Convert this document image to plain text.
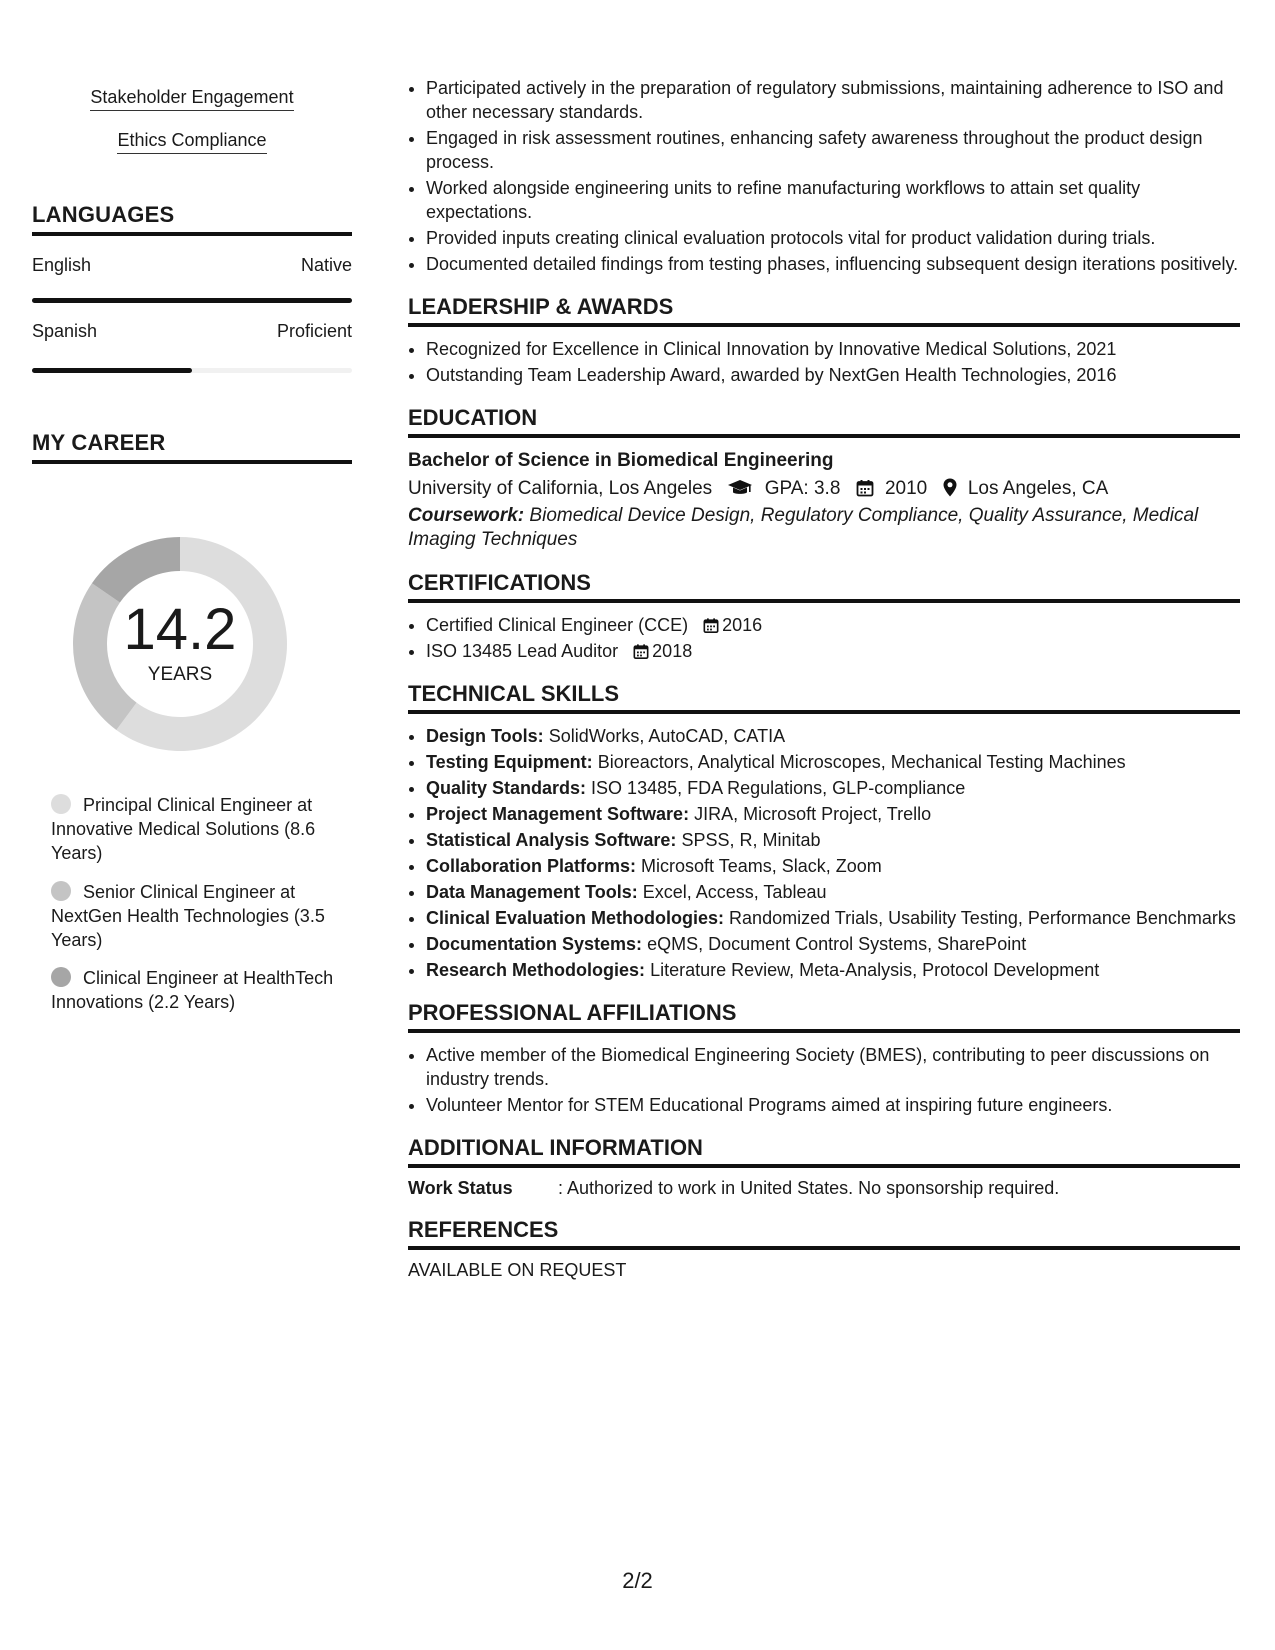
Stakeholder Engagement
Ethics Compliance
LANGUAGES
English	Native
Spanish	Proficient
MY CAREER
14.2
YEARS
Principal Clinical Engineer at Innovative Medical Solutions (8.6 Years)
Senior Clinical Engineer at NextGen Health Technologies (3.5 Years)
Clinical Engineer at HealthTech Innovations (2.2 Years)
• Participated actively in the preparation of regulatory submissions, maintaining adherence to ISO and other necessary standards.
• Engaged in risk assessment routines, enhancing safety awareness throughout the product design process.
• Worked alongside engineering units to refine manufacturing workflows to attain set quality expectations.
• Provided inputs creating clinical evaluation protocols vital for product validation during trials.
• Documented detailed findings from testing phases, influencing subsequent design iterations positively.
LEADERSHIP & AWARDS
• Recognized for Excellence in Clinical Innovation by Innovative Medical Solutions, 2021
• Outstanding Team Leadership Award, awarded by NextGen Health Technologies, 2016
EDUCATION
Bachelor of Science in Biomedical Engineering
University of California, Los Angeles	GPA: 3.8 2010 Los Angeles, CA
Coursework: Biomedical Device Design, Regulatory Compliance, Quality Assurance, Medical Imaging Techniques
CERTIFICATIONS
• Certified Clinical Engineer (CCE) 2016
• ISO 13485 Lead Auditor 2018
TECHNICAL SKILLS
• Design Tools: SolidWorks, AutoCAD, CATIA
• Testing Equipment: Bioreactors, Analytical Microscopes, Mechanical Testing Machines
• Quality Standards: ISO 13485, FDA Regulations, GLP-compliance
• Project Management Software: JIRA, Microsoft Project, Trello
• Statistical Analysis Software: SPSS, R, Minitab
• Collaboration Platforms: Microsoft Teams, Slack, Zoom
• Data Management Tools: Excel, Access, Tableau
• Clinical Evaluation Methodologies: Randomized Trials, Usability Testing, Performance Benchmarks
• Documentation Systems: eQMS, Document Control Systems, SharePoint
• Research Methodologies: Literature Review, Meta-Analysis, Protocol Development
PROFESSIONAL AFFILIATIONS
• Active member of the Biomedical Engineering Society (BMES), contributing to peer discussions on industry trends.
• Volunteer Mentor for STEM Educational Programs aimed at inspiring future engineers.
ADDITIONAL INFORMATION
Work Status	: Authorized to work in United States. No sponsorship required.
REFERENCES
AVAILABLE ON REQUEST
2/2
